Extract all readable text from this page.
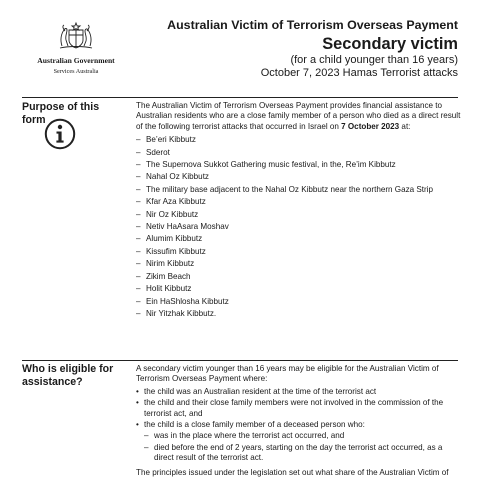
Australian Government
Services Australia
Australian Victim of Terrorism Overseas Payment
Secondary victim
(for a child younger than 16 years)
October 7, 2023 Hamas Terrorist attacks
Purpose of this form

The Australian Victim of Terrorism Overseas Payment provides financial assistance to Australian residents who are a close family member of a person who died as a direct result of the following terrorist attacks that occurred in Israel on 7 October 2023 at:

– Be’eri Kibbutz
– Sderot
– The Supernova Sukkot Gathering music festival, in the, Re’im Kibbutz
– Nahal Oz Kibbutz
– The military base adjacent to the Nahal Oz Kibbutz near the northern Gaza Strip
– Kfar Aza Kibbutz
– Nir Oz Kibbutz
– Netiv HaAsara Moshav
– Alumim Kibbutz
– Kissufim Kibbutz
– Nirim Kibbutz
– Zikim Beach
– Holit Kibbutz
– Ein HaShlosha Kibbutz
– Nir Yitzhak Kibbutz.
Who is eligible for assistance?

A secondary victim younger than 16 years may be eligible for the Australian Victim of Terrorism Overseas Payment where:

• the child was an Australian resident at the time of the terrorist act
• the child and their close family members were not involved in the commission of the terrorist act, and
• the child is a close family member of a deceased person who:
– was in the place where the terrorist act occurred, and
– died before the end of 2 years, starting on the day the terrorist act occurred, as a direct result of the terrorist act.

The principles issued under the legislation set out what share of the Australian Victim of
